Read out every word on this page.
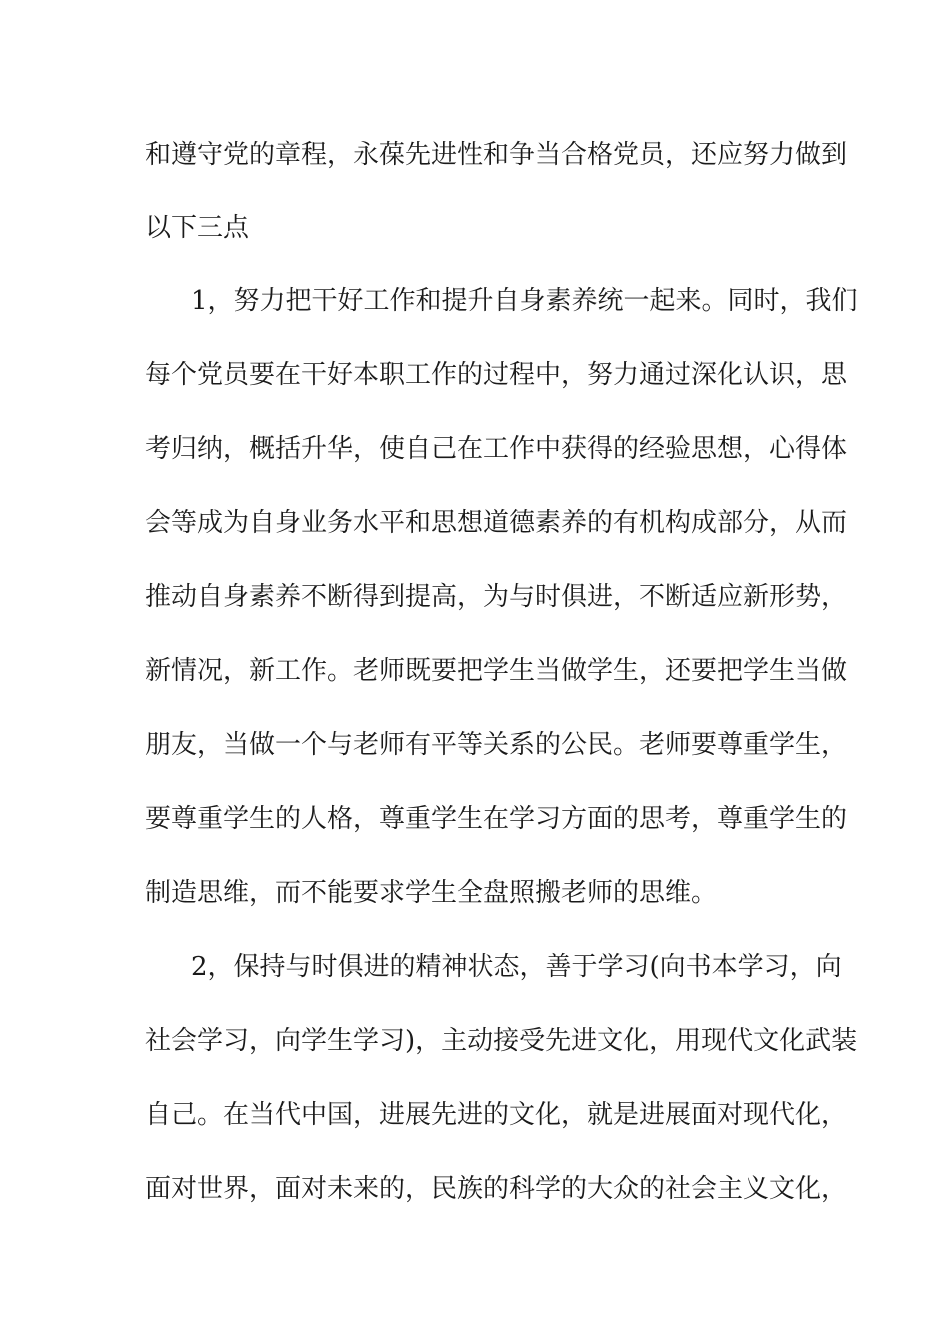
和遵守党的章程，永葆先进性和争当合格党员，还应努力做到
以下三点
1，努力把干好工作和提升自身素养统一起来。同时，我们
每个党员要在干好本职工作的过程中，努力通过深化认识，思
考归纳，概括升华，使自己在工作中获得的经验思想，心得体
会等成为自身业务水平和思想道德素养的有机构成部分，从而
推动自身素养不断得到提高，为与时俱进，不断适应新形势，
新情况，新工作。老师既要把学生当做学生，还要把学生当做
朋友，当做一个与老师有平等关系的公民。老师要尊重学生，
要尊重学生的人格，尊重学生在学习方面的思考，尊重学生的
制造思维，而不能要求学生全盘照搬老师的思维。
2，保持与时俱进的精神状态，善于学习(向书本学习，向
社会学习，向学生学习)，主动接受先进文化，用现代文化武装
自己。在当代中国，进展先进的文化，就是进展面对现代化，
面对世界，面对未来的，民族的科学的大众的社会主义文化，
